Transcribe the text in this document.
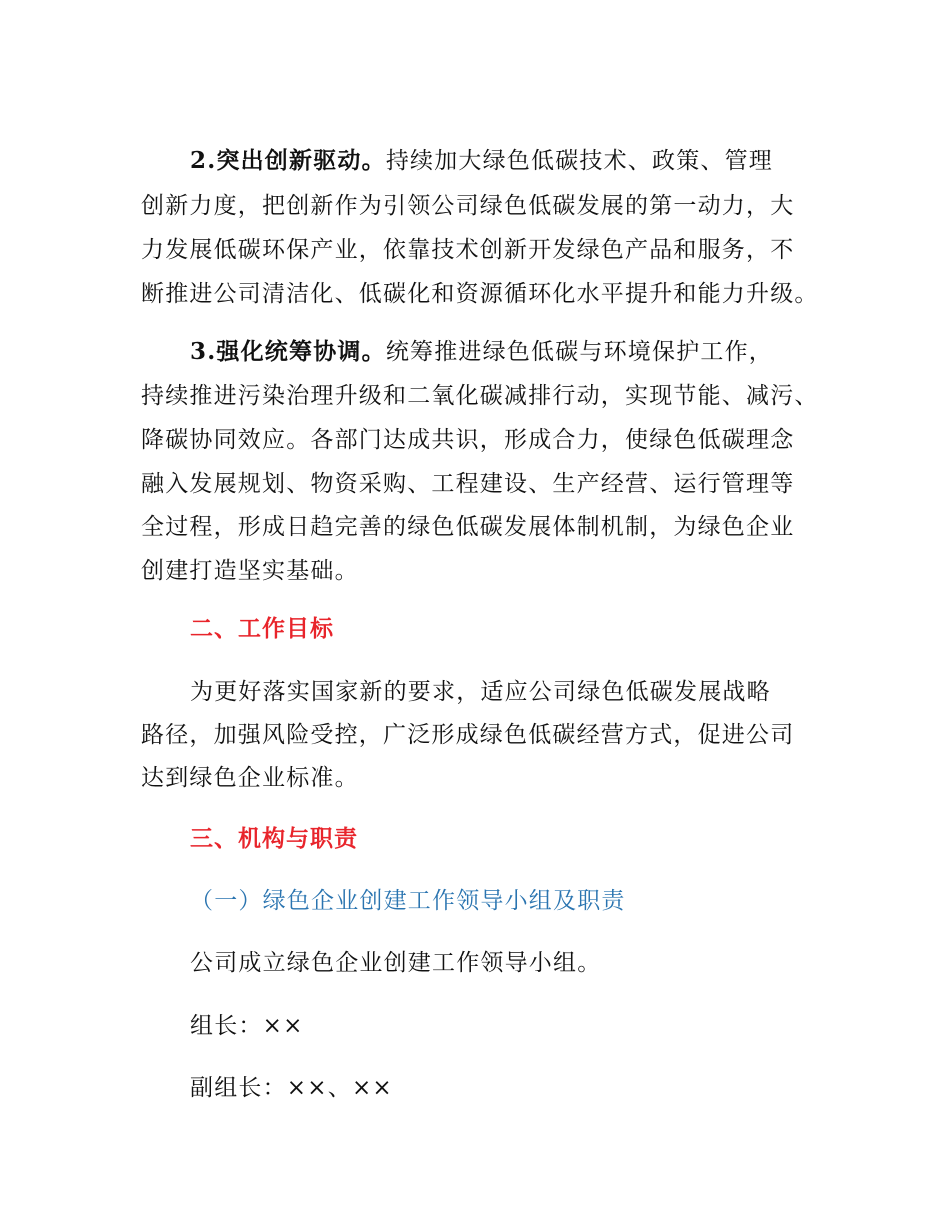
2.突出创新驱动。持续加大绿色低碳技术、政策、管理
创新力度，把创新作为引领公司绿色低碳发展的第一动力，大
力发展低碳环保产业，依靠技术创新开发绿色产品和服务，不
断推进公司清洁化、低碳化和资源循环化水平提升和能力升级。
3.强化统筹协调。统筹推进绿色低碳与环境保护工作，
持续推进污染治理升级和二氧化碳减排行动，实现节能、减污、
降碳协同效应。各部门达成共识，形成合力，使绿色低碳理念
融入发展规划、物资采购、工程建设、生产经营、运行管理等
全过程，形成日趋完善的绿色低碳发展体制机制，为绿色企业
创建打造坚实基础。
二、工作目标
为更好落实国家新的要求，适应公司绿色低碳发展战略
路径，加强风险受控，广泛形成绿色低碳经营方式，促进公司
达到绿色企业标准。
三、机构与职责
（一）绿色企业创建工作领导小组及职责
公司成立绿色企业创建工作领导小组。
组长：××
副组长：××、××
